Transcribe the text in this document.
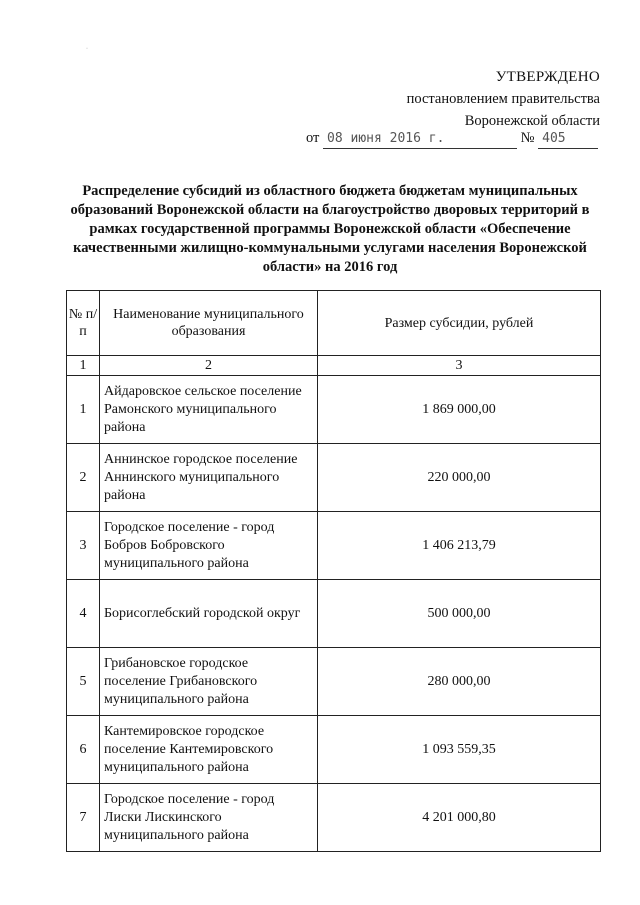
·
УТВЕРЖДЕНО
постановлением правительства
Воронежской области
от 08 июня 2016 г.	№ 405
Распределение субсидий из областного бюджета бюджетам муниципальных образований Воронежской области на благоустройство дворовых территорий в рамках государственной программы Воронежской области «Обеспечение качественными жилищно-коммунальными услугами населения Воронежской области» на 2016 год
№ п/п	Наименование муниципального образования	Размер субсидии, рублей
1	2	3
1	Айдаровское сельское поселение Рамонского муниципального района	1 869 000,00
2	Аннинское городское поселение Аннинского муниципального района	220 000,00
3	Городское поселение - город Бобров Бобровского муниципального района	1 406 213,79
4	Борисоглебский городской округ	500 000,00
5	Грибановское городское поселение Грибановского муниципального района	280 000,00
6	Кантемировское городское поселение Кантемировского муниципального района	1 093 559,35
7	Городское поселение - город Лиски Лискинского муниципального района	4 201 000,80
